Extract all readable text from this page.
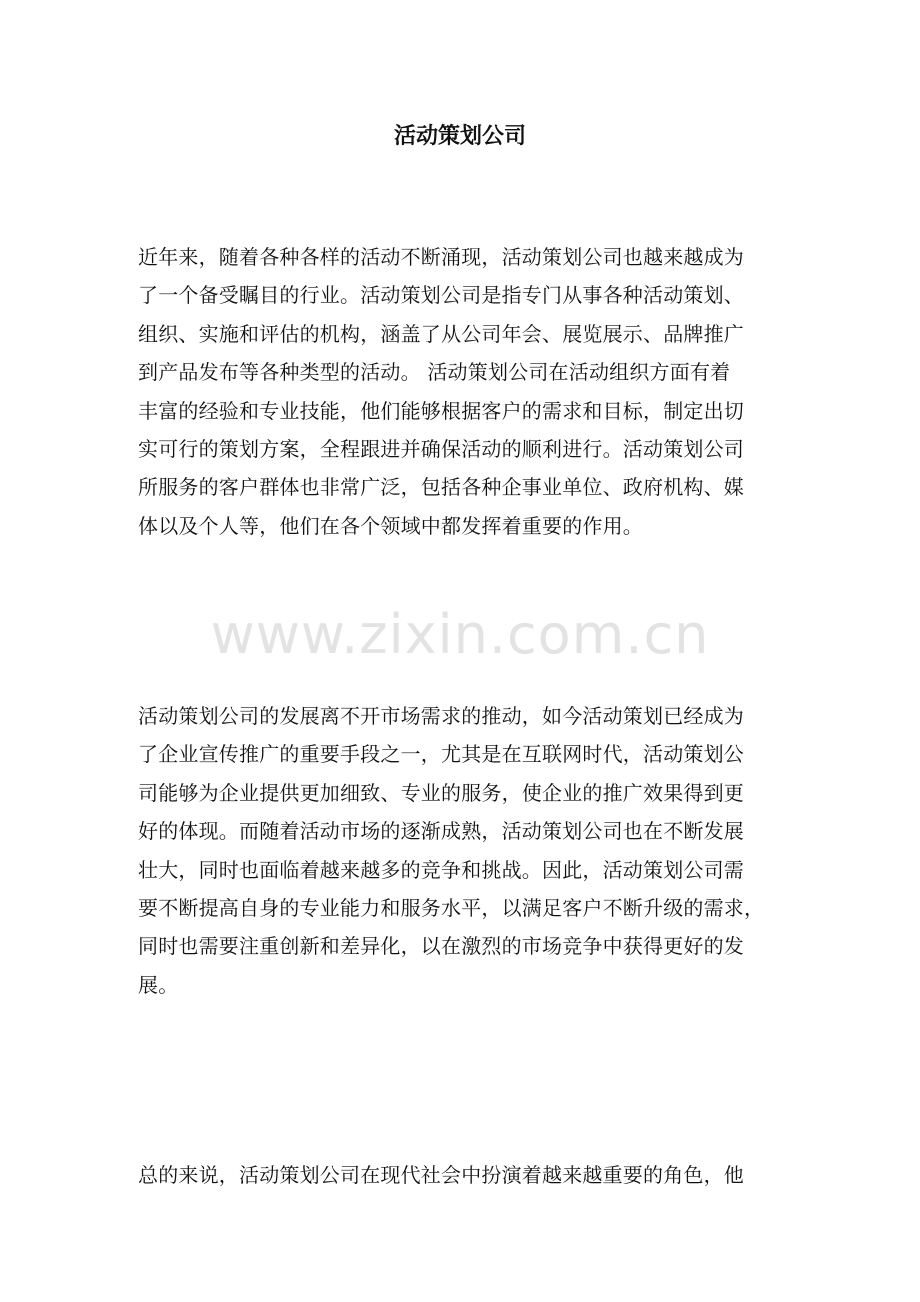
活动策划公司
www.zixin.com.cn
近年来，随着各种各样的活动不断涌现，活动策划公司也越来越成为
了一个备受瞩目的行业。活动策划公司是指专门从事各种活动策划、
组织、实施和评估的机构，涵盖了从公司年会、展览展示、品牌推广
到产品发布等各种类型的活动。 活动策划公司在活动组织方面有着
丰富的经验和专业技能，他们能够根据客户的需求和目标，制定出切
实可行的策划方案，全程跟进并确保活动的顺利进行。活动策划公司
所服务的客户群体也非常广泛，包括各种企事业单位、政府机构、媒
体以及个人等，他们在各个领域中都发挥着重要的作用。
活动策划公司的发展离不开市场需求的推动，如今活动策划已经成为
了企业宣传推广的重要手段之一，尤其是在互联网时代，活动策划公
司能够为企业提供更加细致、专业的服务，使企业的推广效果得到更
好的体现。而随着活动市场的逐渐成熟，活动策划公司也在不断发展
壮大，同时也面临着越来越多的竞争和挑战。因此，活动策划公司需
要不断提高自身的专业能力和服务水平，以满足客户不断升级的需求，
同时也需要注重创新和差异化，以在激烈的市场竞争中获得更好的发
展。
总的来说，活动策划公司在现代社会中扮演着越来越重要的角色，他
